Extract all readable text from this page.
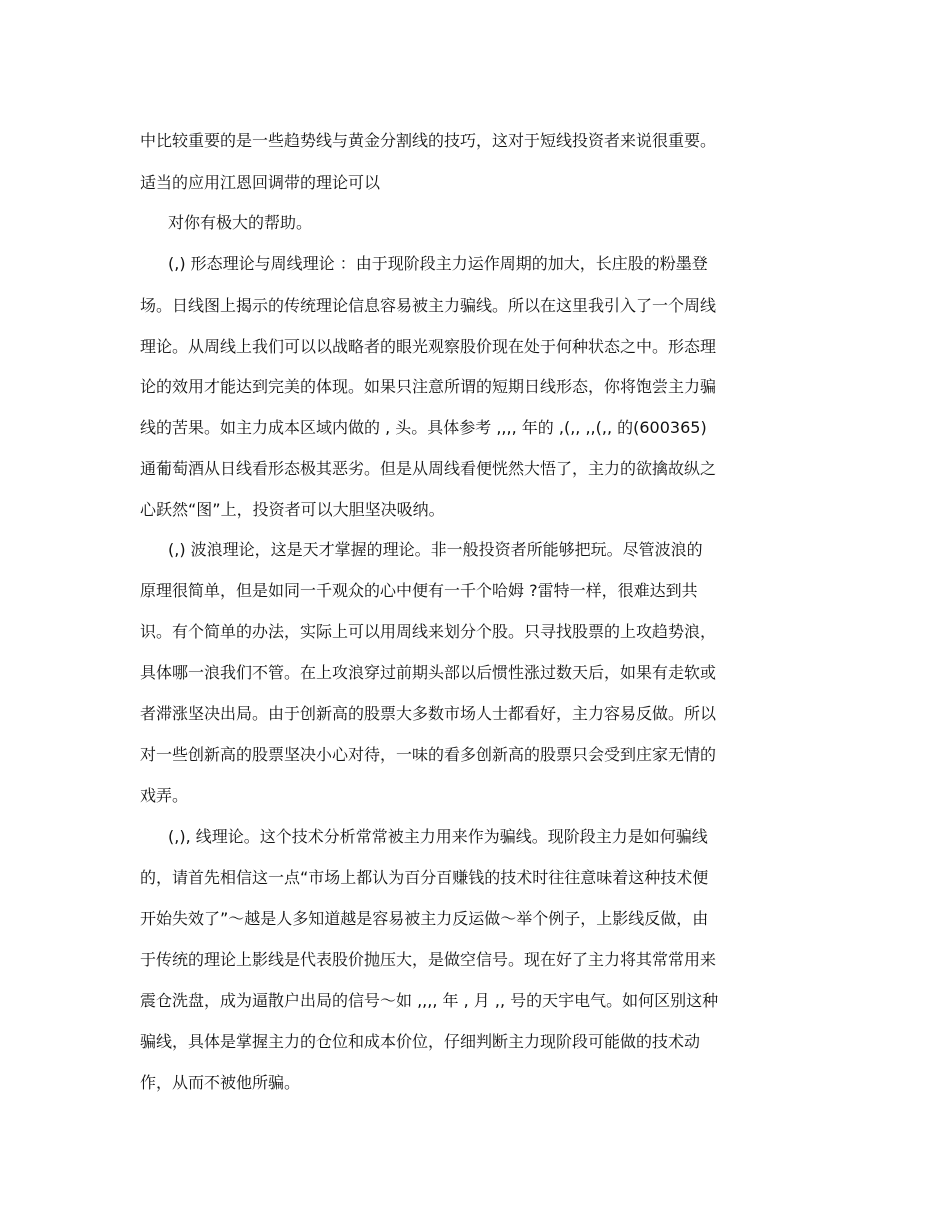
中比较重要的是一些趋势线与黄金分割线的技巧，这对于短线投资者来说很重要。
适当的应用江恩回调带的理论可以
对你有极大的帮助。
(,) 形态理论与周线理论 ：由于现阶段主力运作周期的加大，长庄股的粉墨登
场。日线图上揭示的传统理论信息容易被主力骗线。所以在这里我引入了一个周线
理论。从周线上我们可以以战略者的眼光观察股价现在处于何种状态之中。形态理
论的效用才能达到完美的体现。如果只注意所谓的短期日线形态，你将饱尝主力骗
线的苦果。如主力成本区域内做的 , 头。具体参考 ,,,, 年的 ,(,, ,,(,, 的(600365)
通葡萄酒从日线看形态极其恶劣。但是从周线看便恍然大悟了，主力的欲擒故纵之
心跃然“图”上，投资者可以大胆坚决吸纳。
(,) 波浪理论，这是天才掌握的理论。非一般投资者所能够把玩。尽管波浪的
原理很简单，但是如同一千观众的心中便有一千个哈姆 ?雷特一样，很难达到共
识。有个简单的办法，实际上可以用周线来划分个股。只寻找股票的上攻趋势浪，
具体哪一浪我们不管。在上攻浪穿过前期头部以后惯性涨过数天后，如果有走软或
者滞涨坚决出局。由于创新高的股票大多数市场人士都看好，主力容易反做。所以
对一些创新高的股票坚决小心对待，一味的看多创新高的股票只会受到庄家无情的
戏弄。
(,), 线理论。这个技术分析常常被主力用来作为骗线。现阶段主力是如何骗线
的，请首先相信这一点“市场上都认为百分百赚钱的技术时往往意味着这种技术便
开始失效了”～越是人多知道越是容易被主力反运做～举个例子，上影线反做，由
于传统的理论上影线是代表股价抛压大，是做空信号。现在好了主力将其常常用来
震仓洗盘，成为逼散户出局的信号～如 ,,,, 年 , 月 ,, 号的天宇电气。如何区别这种
骗线，具体是掌握主力的仓位和成本价位，仔细判断主力现阶段可能做的技术动
作，从而不被他所骗。
